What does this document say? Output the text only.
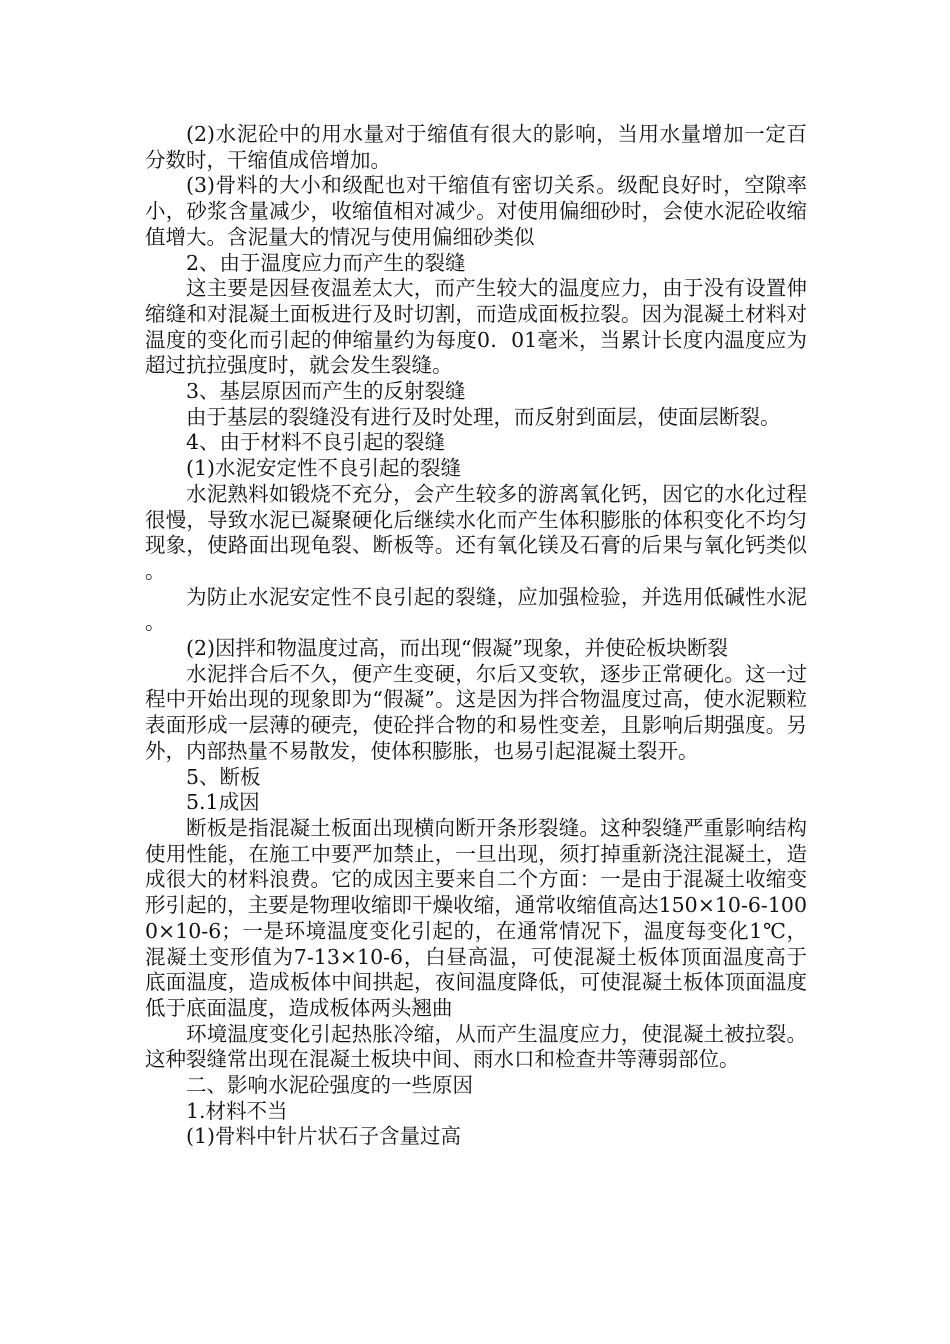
(2)水泥砼中的用水量对于缩值有很大的影响，当用水量增加一定百分数时，干缩值成倍增加。

(3)骨料的大小和级配也对干缩值有密切关系。级配良好时，空隙率小，砂浆含量减少，收缩值相对减少。对使用偏细砂时，会使水泥砼收缩值增大。含泥量大的情况与使用偏细砂类似

2、由于温度应力而产生的裂缝

这主要是因昼夜温差太大，而产生较大的温度应力，由于没有设置伸缩缝和对混凝土面板进行及时切割，而造成面板拉裂。因为混凝土材料对温度的变化而引起的伸缩量约为每度0．01毫米，当累计长度内温度应为超过抗拉强度时，就会发生裂缝。

3、基层原因而产生的反射裂缝

由于基层的裂缝没有进行及时处理，而反射到面层，使面层断裂。

4、由于材料不良引起的裂缝

(1)水泥安定性不良引起的裂缝

水泥熟料如锻烧不充分，会产生较多的游离氧化钙，因它的水化过程很慢，导致水泥已凝聚硬化后继续水化而产生体积膨胀的体积变化不均匀现象，使路面出现龟裂、断板等。还有氧化镁及石膏的后果与氧化钙类似。

为防止水泥安定性不良引起的裂缝，应加强检验，并选用低碱性水泥。

(2)因拌和物温度过高，而出现“假凝”现象，并使砼板块断裂

水泥拌合后不久，便产生变硬，尔后又变软，逐步正常硬化。这一过程中开始出现的现象即为“假凝”。这是因为拌合物温度过高，使水泥颗粒表面形成一层薄的硬壳，使砼拌合物的和易性变差，且影响后期强度。另外，内部热量不易散发，使体积膨胀，也易引起混凝土裂开。

5、断板

5.1成因

断板是指混凝土板面出现横向断开条形裂缝。这种裂缝严重影响结构使用性能，在施工中要严加禁止，一旦出现，须打掉重新浇注混凝土，造成很大的材料浪费。它的成因主要来自二个方面：一是由于混凝土收缩变形引起的，主要是物理收缩即干燥收缩，通常收缩值高达150×10-6-1000×10-6；一是环境温度变化引起的，在通常情况下，温度每变化1℃，混凝土变形值为7-13×10-6，白昼高温，可使混凝土板体顶面温度高于底面温度，造成板体中间拱起，夜间温度降低，可使混凝土板体顶面温度低于底面温度，造成板体两头翘曲

环境温度变化引起热胀冷缩，从而产生温度应力，使混凝土被拉裂。这种裂缝常出现在混凝土板块中间、雨水口和检查井等薄弱部位。

二、影响水泥砼强度的一些原因

1.材料不当

(1)骨料中针片状石子含量过高
